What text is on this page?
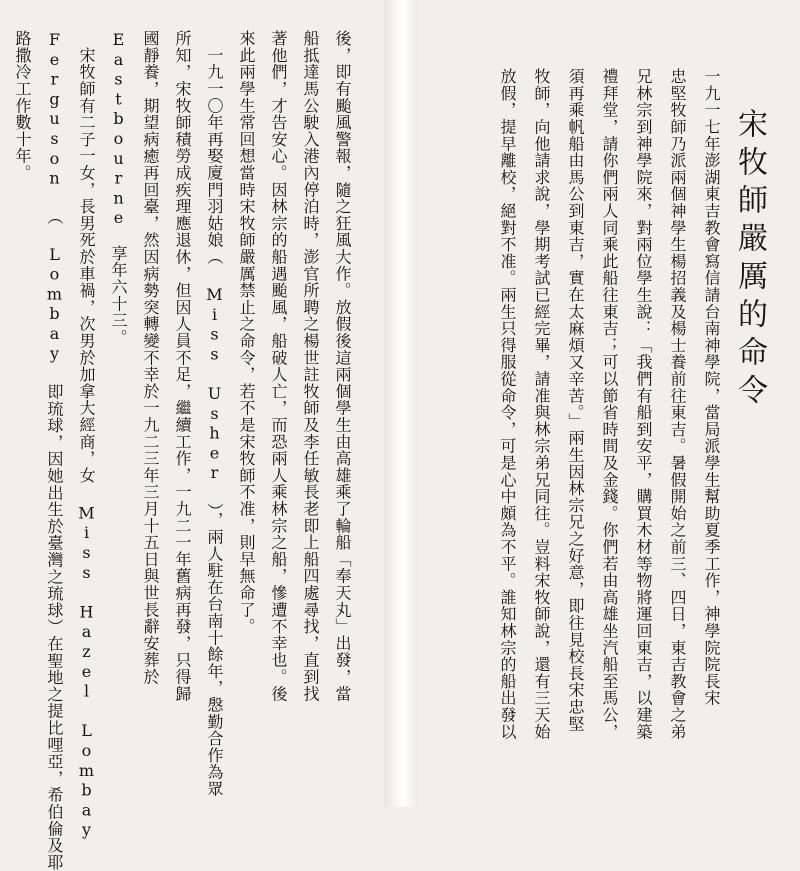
宋牧師嚴厲的命令
一九一七年澎湖東吉教會寫信請台南神學院，當局派學生幫助夏季工作，神學院院長宋
忠堅牧師乃派兩個神學生楊招義及楊士養前往東吉。暑假開始之前三、四日，東吉教會之弟
兄林宗到神學院來，對兩位學生說：「我們有船到安平，購買木材等物將運回東吉，以建築
禮拜堂，請你們兩人同乘此船往東吉；可以節省時間及金錢。你們若由高雄坐汽船至馬公，
須再乘帆船由馬公到東吉，實在太麻煩又辛苦。」兩生因林宗兄之好意，即往見校長宋忠堅
牧師，向他請求說，學期考試已經完畢，請准與林宗弟兄同往。豈料宋牧師說，還有三天始
放假，提早離校，絕對不准。兩生只得服從命令，可是心中頗為不平。誰知林宗的船出發以
後，即有颱風警報，隨之狂風大作。放假後這兩個學生由高雄乘了輪船「奉天丸」出發，當
船抵達馬公駛入港內停泊時，澎官所聘之楊世註牧師及李任敏長老即上船四處尋找，直到找
著他們，才告安心。因林宗的船遇颱風，船破人亡，而恐兩人乘林宗之船，慘遭不幸也。後
來此兩學生常回想當時宋牧師嚴厲禁止之命令，若不是宋牧師不准，則早無命了。
　一九一〇年再娶廈門羽姑娘（ Miss Usher ），兩人駐在台南十餘年，慇勤合作為眾
所知，宋牧師積勞成疾理應退休，但因人員不足，繼續工作，一九二一年舊病再發，只得歸
國靜養，期望病癒再回臺，然因病勢突轉變不幸於一九二三年三月十五日與世長辭安葬於
Eastbourne　享年六十三。
　宋牧師有二子一女，長男死於車禍，次男於加拿大經商，女 Miss Hazel Lombay
Ferguson （ Lombay 即琉球，因她出生於臺灣之琉球）在聖地之提比哩亞，希伯倫及耶
路撒冷工作數十年。
